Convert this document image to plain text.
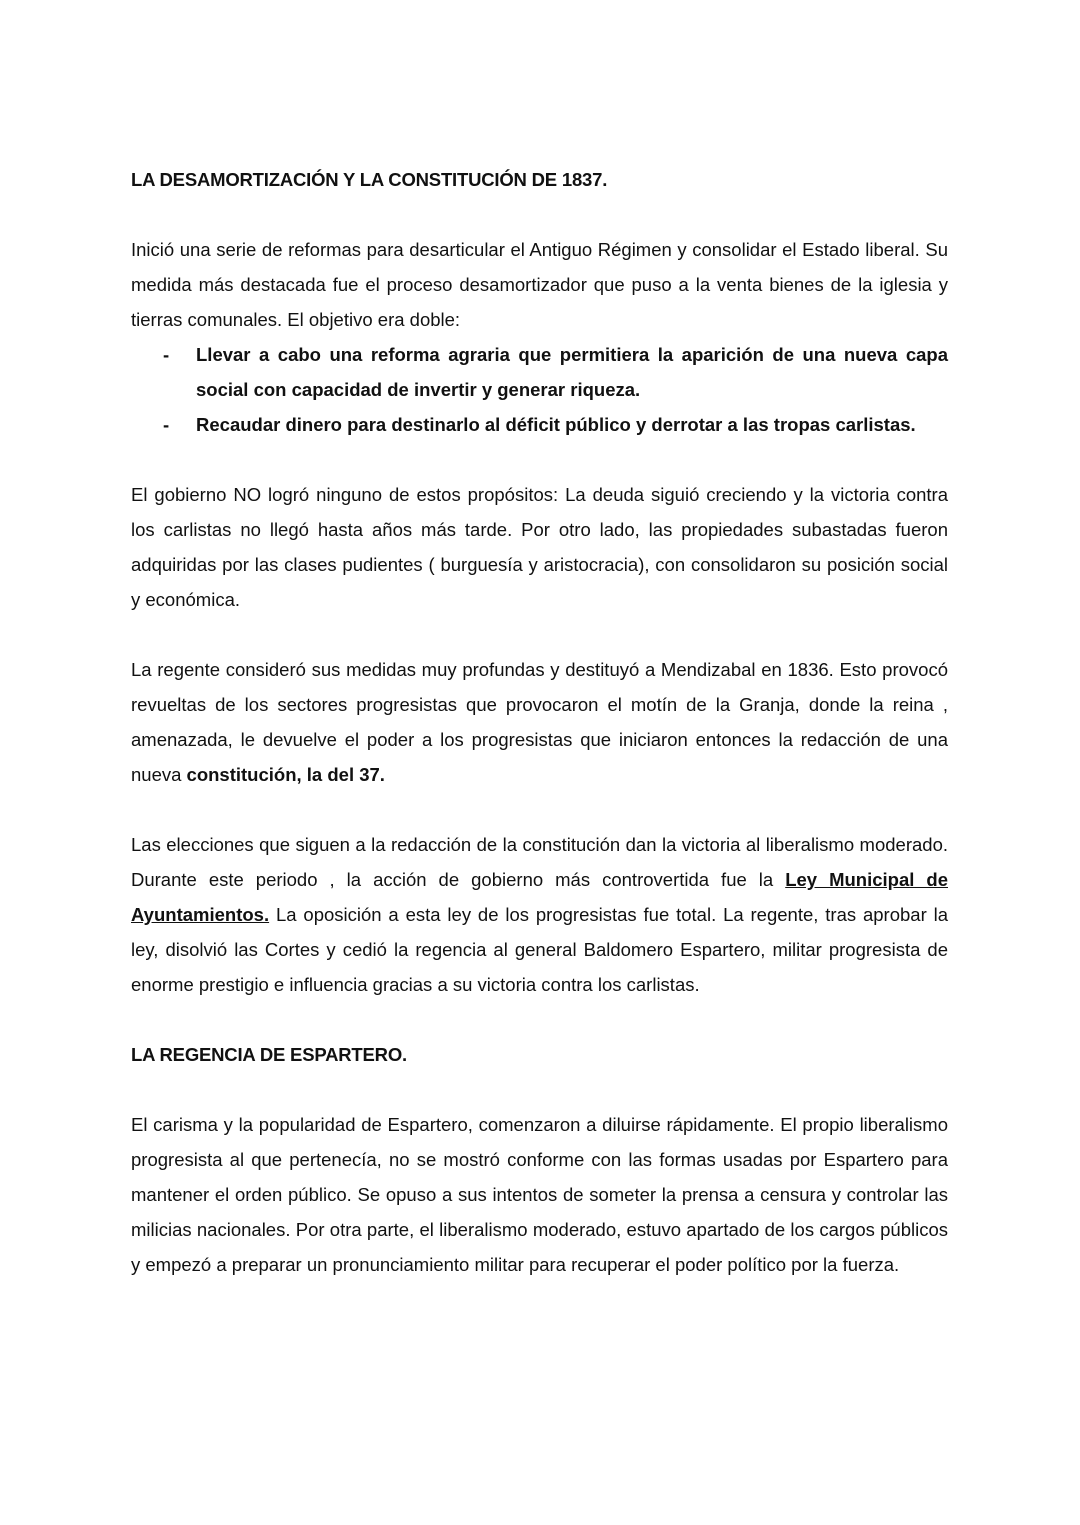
LA DESAMORTIZACIÓN Y LA CONSTITUCIÓN DE 1837.

Inició una serie de reformas para desarticular el Antiguo Régimen y consolidar el Estado liberal. Su medida más destacada fue el proceso desamortizador que puso a la venta bienes de la iglesia y tierras comunales. El objetivo era doble:

- Llevar a cabo una reforma agraria que permitiera la aparición de una nueva capa social con capacidad de invertir y generar riqueza.
- Recaudar dinero para destinarlo al déficit público y derrotar a las tropas carlistas.

El gobierno NO logró ninguno de estos propósitos: La deuda siguió creciendo y la victoria contra los carlistas no llegó hasta años más tarde. Por otro lado, las propiedades subastadas fueron adquiridas por las clases pudientes ( burguesía y aristocracia), con consolidaron su posición social y económica.

La regente consideró sus medidas muy profundas y destituyó a Mendizabal en 1836. Esto provocó revueltas de los sectores progresistas que provocaron el motín de la Granja, donde la reina , amenazada, le devuelve el poder a los progresistas que iniciaron entonces la redacción de una nueva constitución, la del 37.

Las elecciones que siguen a la redacción de la constitución dan la victoria al liberalismo moderado. Durante este periodo , la acción de gobierno más controvertida fue la Ley Municipal de Ayuntamientos. La oposición a esta ley de los progresistas fue total. La regente, tras aprobar la ley, disolvió las Cortes y cedió la regencia al general Baldomero Espartero, militar progresista de enorme prestigio e influencia gracias a su victoria contra los carlistas.

LA REGENCIA DE ESPARTERO.

El carisma y la popularidad de Espartero, comenzaron a diluirse rápidamente. El propio liberalismo progresista al que pertenecía, no se mostró conforme con las formas usadas por Espartero para mantener el orden público. Se opuso a sus intentos de someter la prensa a censura y controlar las milicias nacionales. Por otra parte, el liberalismo moderado, estuvo apartado de los cargos públicos y empezó a preparar un pronunciamiento militar para recuperar el poder político por la fuerza.
